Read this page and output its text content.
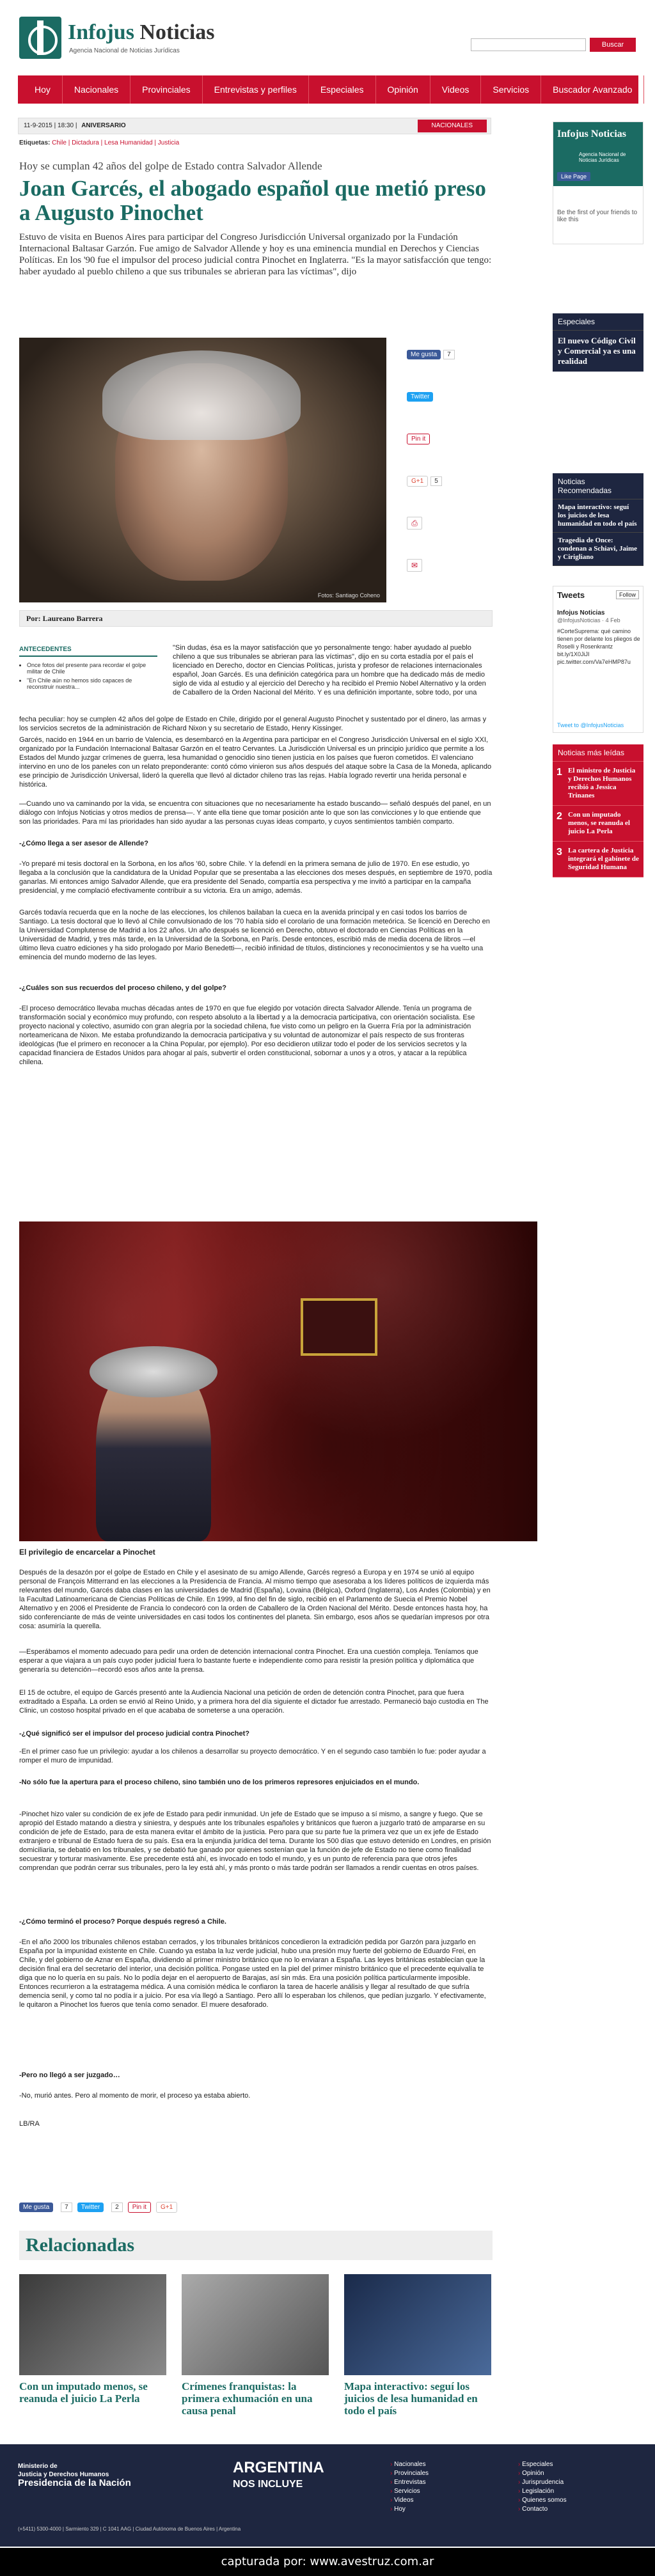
Infojus Noticias
Agencia Nacional de Noticias Jurídicas
Buscar
Hoy	Nacionales	Provinciales	Entrevistas y perfiles	Especiales	Opinión	Videos	Servicios	Buscador Avanzado
11-9-2015 | 18:30 | ANIVERSARIO	NACIONALES
Etiquetas: Chile | Dictadura | Lesa Humanidad | Justicia
Hoy se cumplan 42 años del golpe de Estado contra Salvador Allende
Joan Garcés, el abogado español que metió preso a Augusto Pinochet
Estuvo de visita en Buenos Aires para participar del Congreso Jurisdicción Universal organizado por la Fundación Internacional Baltasar Garzón. Fue amigo de Salvador Allende y hoy es una eminencia mundial en Derechos y Ciencias Políticas. En los '90 fue el impulsor del proceso judicial contra Pinochet en Inglaterra. "Es la mayor satisfacción que tengo: haber ayudado al pueblo chileno a que sus tribunales se abrieran para las víctimas", dijo
Fotos: Santiago Coheno
Me gusta	7
Twitter
Pin it
G+1	5
⎙
✉
Por: Laureano Barrera
ANTECEDENTES
• Once fotos del presente para recordar el golpe militar de Chile
• "En Chile aún no hemos sido capaces de reconstruir nuestra...
"Sin dudas, ésa es la mayor satisfacción que yo personalmente tengo: haber ayudado al pueblo chileno a que sus tribunales se abrieran para las víctimas", dijo en su corta estadía por el país el licenciado en Derecho, doctor en Ciencias Políticas, jurista y profesor de relaciones internacionales español, Joan Garcés. Es una definición categórica para un hombre que ha dedicado más de medio siglo de vida al estudio y al ejercicio del Derecho y ha recibido el Premio Nobel Alternativo y la orden de Caballero de la Orden Nacional del Mérito. Y es una definición importante, sobre todo, por una
fecha peculiar: hoy se cumplen 42 años del golpe de Estado en Chile, dirigido por el general Augusto Pinochet y sustentado por el dinero, las armas y los servicios secretos de la administración de Richard Nixon y su secretario de Estado, Henry Kissinger.
Garcés, nacido en 1944 en un barrio de Valencia, es desembarcó en la Argentina para participar en el Congreso Jurisdicción Universal en el siglo XXI, organizado por la Fundación Internacional Baltasar Garzón en el teatro Cervantes. La Jurisdicción Universal es un principio jurídico que permite a los Estados del Mundo juzgar crímenes de guerra, lesa humanidad o genocidio sino tienen justicia en los países que fueron cometidos. El valenciano intervino en uno de los paneles con un relato preponderante: contó cómo vinieron sus años después del ataque sobre la Casa de la Moneda, aplicando ese principio de Jurisdicción Universal, lideró la querella que llevó al dictador chileno tras las rejas. Había logrado revertir una herida personal e histórica.
—Cuando uno va caminando por la vida, se encuentra con situaciones que no necesariamente ha estado buscando— señaló después del panel, en un diálogo con Infojus Noticias y otros medios de prensa—. Y ante ella tiene que tomar posición ante lo que son las convicciones y lo que entiende que son las prioridades. Para mí las prioridades han sido ayudar a las personas cuyas ideas comparto, y cuyos sentimientos también comparto.
-¿Cómo llega a ser asesor de Allende?
-Yo preparé mi tesis doctoral en la Sorbona, en los años '60, sobre Chile. Y la defendí en la primera semana de julio de 1970. En ese estudio, yo llegaba a la conclusión que la candidatura de la Unidad Popular que se presentaba a las elecciones dos meses después, en septiembre de 1970, podía ganarlas. Mi entonces amigo Salvador Allende, que era presidente del Senado, compartía esa perspectiva y me invitó a participar en la campaña presidencial, y me complació efectivamente contribuir a su victoria. Era un amigo, además.
Garcés todavía recuerda que en la noche de las elecciones, los chilenos bailaban la cueca en la avenida principal y en casi todos los barrios de Santiago. La tesis doctoral que lo llevó al Chile convulsionado de los '70 había sido el corolario de una formación meteórica. Se licenció en Derecho en la Universidad Complutense de Madrid a los 22 años. Un año después se licenció en Derecho, obtuvo el doctorado en Ciencias Políticas en la Universidad de Madrid, y tres más tarde, en la Universidad de la Sorbona, en París. Desde entonces, escribió más de media docena de libros —el último lleva cuatro ediciones y ha sido prologado por Mario Benedetti—, recibió infinidad de títulos, distinciones y reconocimientos y se ha vuelto una eminencia del mundo moderno de las leyes.
-¿Cuáles son sus recuerdos del proceso chileno, y del golpe?
-El proceso democrático llevaba muchas décadas antes de 1970 en que fue elegido por votación directa Salvador Allende. Tenía un programa de transformación social y económico muy profundo, con respeto absoluto a la libertad y a la democracia participativa, con orientación socialista. Ese proyecto nacional y colectivo, asumido con gran alegría por la sociedad chilena, fue visto como un peligro en la Guerra Fría por la administración norteamericana de Nixon. Me estaba profundizando la democracia participativa y su voluntad de autonomizar el país respecto de sus fronteras ideológicas (fue el primero en reconocer a la China Popular, por ejemplo). Por eso decidieron utilizar todo el poder de los servicios secretos y la capacidad financiera de Estados Unidos para ahogar al país, subvertir el orden constitucional, sobornar a unos y a otros, y atacar a la república chilena.
El privilegio de encarcelar a Pinochet
Después de la desazón por el golpe de Estado en Chile y el asesinato de su amigo Allende, Garcés regresó a Europa y en 1974 se unió al equipo personal de François Mitterrand en las elecciones a la Presidencia de Francia. Al mismo tiempo que asesoraba a los líderes políticos de izquierda más relevantes del mundo, Garcés daba clases en las universidades de Madrid (España), Lovaina (Bélgica), Oxford (Inglaterra), Los Andes (Colombia) y en la Facultad Latinoamericana de Ciencias Políticas de Chile. En 1999, al fino del fin de siglo, recibió en el Parlamento de Suecia el Premio Nobel Alternativo y en 2006 el Presidente de Francia lo condecoró con la orden de Caballero de la Orden Nacional del Mérito. Desde entonces hasta hoy, ha sido conferenciante de más de veinte universidades en casi todos los continentes del planeta. Sin embargo, esos años se quedarían impresos por otra cosa: asumiría la querella.
—Esperábamos el momento adecuado para pedir una orden de detención internacional contra Pinochet. Era una cuestión compleja. Teníamos que esperar a que viajara a un país cuyo poder judicial fuera lo bastante fuerte e independiente como para resistir la presión política y diplomática que generaría su detención—recordó esos años ante la prensa.
El 15 de octubre, el equipo de Garcés presentó ante la Audiencia Nacional una petición de orden de detención contra Pinochet, para que fuera extraditado a España. La orden se envió al Reino Unido, y a primera hora del día siguiente el dictador fue arrestado. Permaneció bajo custodia en The Clinic, un costoso hospital privado en el que acababa de someterse a una operación.
-¿Qué significó ser el impulsor del proceso judicial contra Pinochet?
-En el primer caso fue un privilegio: ayudar a los chilenos a desarrollar su proyecto democrático. Y en el segundo caso también lo fue: poder ayudar a romper el muro de impunidad.
-No sólo fue la apertura para el proceso chileno, sino también uno de los primeros represores enjuiciados en el mundo.
-Pinochet hizo valer su condición de ex jefe de Estado para pedir inmunidad. Un jefe de Estado que se impuso a sí mismo, a sangre y fuego. Que se apropió del Estado matando a diestra y siniestra, y después ante los tribunales españoles y británicos que fueron a juzgarlo trató de ampararse en su condición de jefe de Estado, para de esta manera evitar el ámbito de la justicia. Pero para que su parte fue la primera vez que un ex jefe de Estado extranjero e tribunal de Estado fuera de su país. Esa era la enjundia jurídica del tema. Durante los 500 días que estuvo detenido en Londres, en prisión domiciliaria, se debatió en los tribunales, y se debatió fue ganado por quienes sostenían que la función de jefe de Estado no tiene como finalidad secuestrar y torturar masivamente. Ese precedente está ahí, es invocado en todo el mundo, y es un punto de referencia para que otros jefes comprendan que podrán cerrar sus tribunales, pero la ley está ahí, y más pronto o más tarde podrán ser llamados a rendir cuentas en otros países.
-¿Cómo terminó el proceso? Porque después regresó a Chile.
-En el año 2000 los tribunales chilenos estaban cerrados, y los tribunales británicos concedieron la extradición pedida por Garzón para juzgarlo en España por la impunidad existente en Chile. Cuando ya estaba la luz verde judicial, hubo una presión muy fuerte del gobierno de Eduardo Frei, en Chile, y del gobierno de Aznar en España, dividiendo al primer ministro británico que no lo enviaran a España. Las leyes británicas establecían que la decisión final era del secretario del interior, una decisión política. Pongase usted en la piel del primer ministro británico que el precedente equivalía te diga que no lo quería en su país. No lo podía dejar en el aeropuerto de Barajas, así sin más. Era una posición política particularmente imposible. Entonces recurrieron a la estratagema médica. A una comisión médica le confiaron la tarea de hacerle análisis y llegar al resultado de que sufría demencia senil, y como tal no podía ir a juicio. Por esa vía llegó a Santiago. Pero allí lo esperaban los chilenos, que pedían juzgarlo. Y efectivamente, le quitaron a Pinochet los fueros que tenía como senador. El muere desaforado.
-Pero no llegó a ser juzgado…
-No, murió antes. Pero al momento de morir, el proceso ya estaba abierto.
LB/RA
Me gusta	7	Twitter	2	Pin it	G+1
Relacionadas
Con un imputado menos, se reanuda el juicio La Perla
Crímenes franquistas: la primera exhumación en una causa penal
Mapa interactivo: seguí los juicios de lesa humanidad en todo el país
Infojus Noticias
Agencia Nacional de Noticias Jurídicas
Like Page
Be the first of your friends to like this
Especiales
El nuevo Código Civil y Comercial ya es una realidad
Noticias Recomendadas
Mapa interactivo: seguí los juicios de lesa humanidad en todo el país
Tragedia de Once: condenan a Schiavi, Jaime y Cirigliano
Tweets	Follow
Infojus Noticias
@InfojusNoticias · 4 Feb
#CorteSuprema: qué camino tienen por delante los pliegos de Roselli y Rosenkrantz bit.ly/1X0JiJI pic.twitter.com/Va7eHMP87u
Tweet to @InfojusNoticias
Noticias más leídas
1 El ministro de Justicia y Derechos Humanos recibió a Jessica Trinanes
2 Con un imputado menos, se reanuda el juicio La Perla
3 La cartera de Justicia integrará el gabinete de Seguridad Humana
Ministerio de
Justicia y Derechos Humanos
Presidencia de la Nación
ARGENTINA
NOS INCLUYE
› Nacionales	› Especiales
› Provinciales	› Opinión
› Entrevistas	› Jurisprudencia
› Servicios	› Legislación
› Videos	› Quienes somos
› Hoy	› Contacto
(+5411) 5300-4000 | Sarmiento 329 | C 1041 AAG | Ciudad Autónoma de Buenos Aires | Argentina
capturada por: www.avestruz.com.ar
